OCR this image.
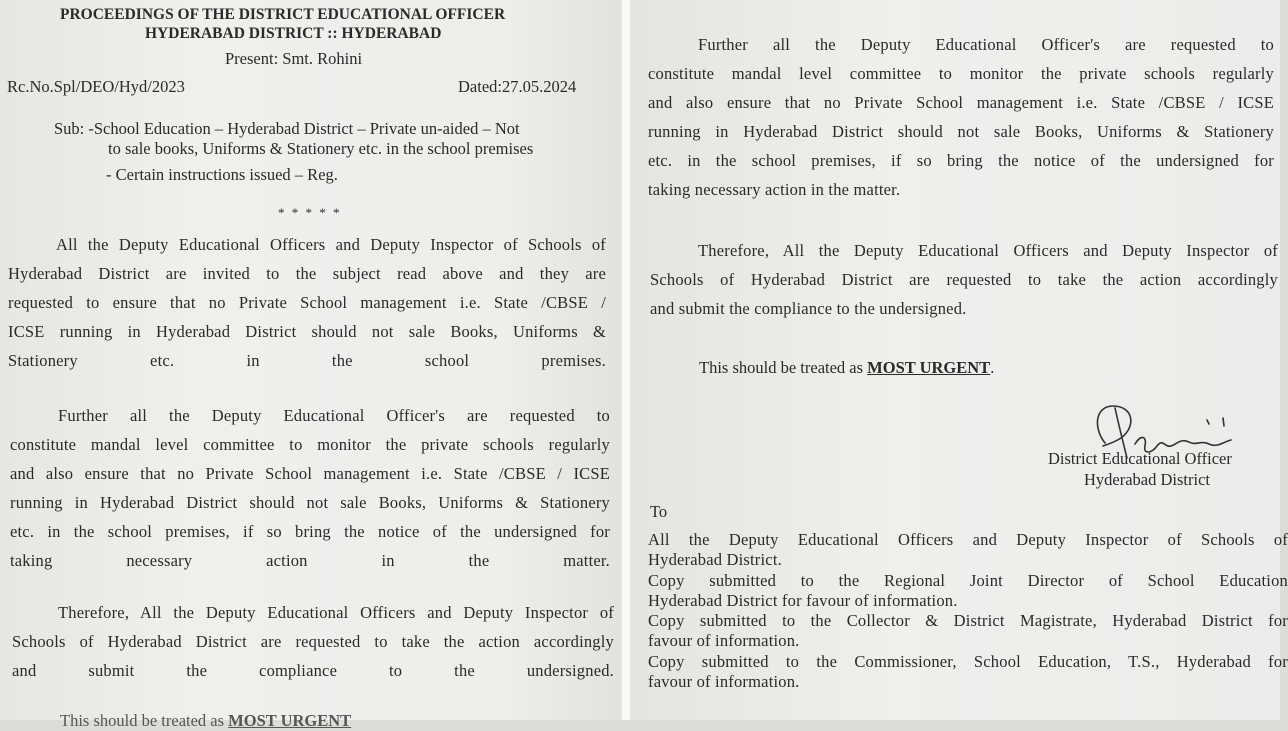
PROCEEDINGS OF THE DISTRICT EDUCATIONAL OFFICER
HYDERABAD DISTRICT :: HYDERABAD
Present: Smt. Rohini
Rc.No.Spl/DEO/Hyd/2023	Dated:27.05.2024
Sub: -School Education – Hyderabad District – Private un-aided – Not
to sale books, Uniforms & Stationery etc. in the school premises
- Certain instructions issued – Reg.
* * * * *
All the Deputy Educational Officers and Deputy Inspector of Schools of
Hyderabad District are invited to the subject read above and they are
requested to ensure that no Private School management i.e. State /CBSE /
ICSE running in Hyderabad District should not sale Books, Uniforms &
Stationery etc. in the school premises.
Further all the Deputy Educational Officer's are requested to
constitute mandal level committee to monitor the private schools regularly
and also ensure that no Private School management i.e. State /CBSE / ICSE
running in Hyderabad District should not sale Books, Uniforms & Stationery
etc. in the school premises, if so bring the notice of the undersigned for
taking necessary action in the matter.
Therefore, All the Deputy Educational Officers and Deputy Inspector of
Schools of Hyderabad District are requested to take the action accordingly
and submit the compliance to the undersigned.
This should be treated as MOST URGENT
Further all the Deputy Educational Officer's are requested to
constitute mandal level committee to monitor the private schools regularly
and also ensure that no Private School management i.e. State /CBSE / ICSE
running in Hyderabad District should not sale Books, Uniforms & Stationery
etc. in the school premises, if so bring the notice of the undersigned for
taking necessary action in the matter.
Therefore, All the Deputy Educational Officers and Deputy Inspector of
Schools of Hyderabad District are requested to take the action accordingly
and submit the compliance to the undersigned.
This should be treated as MOST URGENT.
District Educational Officer
Hyderabad District
To
All the Deputy Educational Officers and Deputy Inspector of Schools of
Hyderabad District.
Copy submitted to the Regional Joint Director of School Education
Hyderabad District for favour of information.
Copy submitted to the Collector & District Magistrate, Hyderabad District for
favour of information.
Copy submitted to the Commissioner, School Education, T.S., Hyderabad for
favour of information.
